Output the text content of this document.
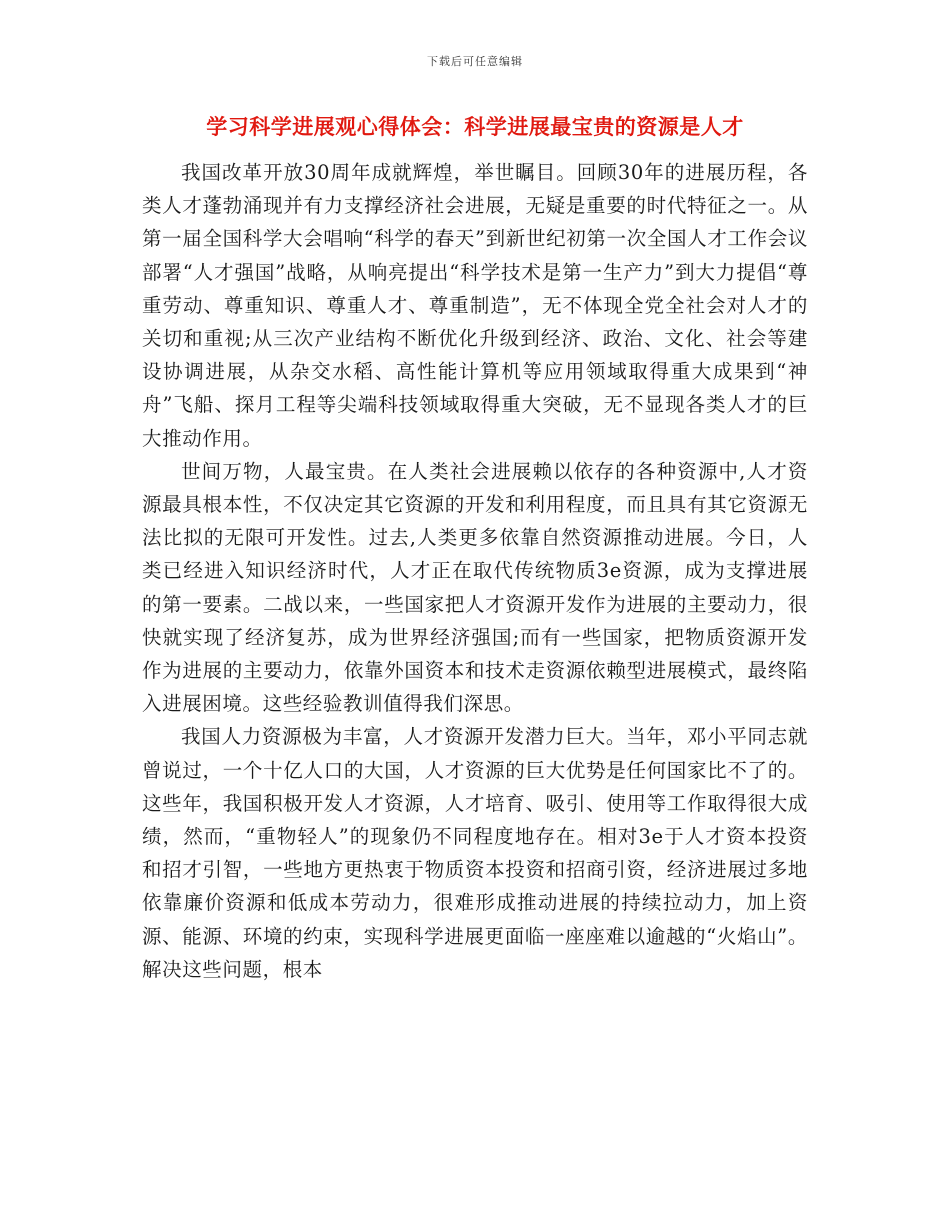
下载后可任意编辑
学习科学进展观心得体会：科学进展最宝贵的资源是人才

我国改革开放30周年成就辉煌，举世瞩目。回顾30年的进展历程，各类人才蓬勃涌现并有力支撑经济社会进展，无疑是重要的时代特征之一。从第一届全国科学大会唱响“科学的春天”到新世纪初第一次全国人才工作会议部署“人才强国”战略，从响亮提出“科学技术是第一生产力”到大力提倡“尊重劳动、尊重知识、尊重人才、尊重制造”，无不体现全党全社会对人才的关切和重视;从三次产业结构不断优化升级到经济、政治、文化、社会等建设协调进展，从杂交水稻、高性能计算机等应用领域取得重大成果到“神舟”飞船、探月工程等尖端科技领域取得重大突破，无不显现各类人才的巨大推动作用。

世间万物，人最宝贵。在人类社会进展赖以依存的各种资源中,人才资源最具根本性，不仅决定其它资源的开发和利用程度，而且具有其它资源无法比拟的无限可开发性。过去,人类更多依靠自然资源推动进展。今日，人类已经进入知识经济时代，人才正在取代传统物质3e资源，成为支撑进展的第一要素。二战以来，一些国家把人才资源开发作为进展的主要动力，很快就实现了经济复苏，成为世界经济强国;而有一些国家，把物质资源开发作为进展的主要动力，依靠外国资本和技术走资源依赖型进展模式，最终陷入进展困境。这些经验教训值得我们深思。

我国人力资源极为丰富，人才资源开发潜力巨大。当年，邓小平同志就曾说过，一个十亿人口的大国，人才资源的巨大优势是任何国家比不了的。这些年，我国积极开发人才资源，人才培育、吸引、使用等工作取得很大成绩，然而，“重物轻人”的现象仍不同程度地存在。相对3e于人才资本投资和招才引智，一些地方更热衷于物质资本投资和招商引资，经济进展过多地依靠廉价资源和低成本劳动力，很难形成推动进展的持续拉动力，加上资源、能源、环境的约束，实现科学进展更面临一座座难以逾越的“火焰山”。解决这些问题，根本
